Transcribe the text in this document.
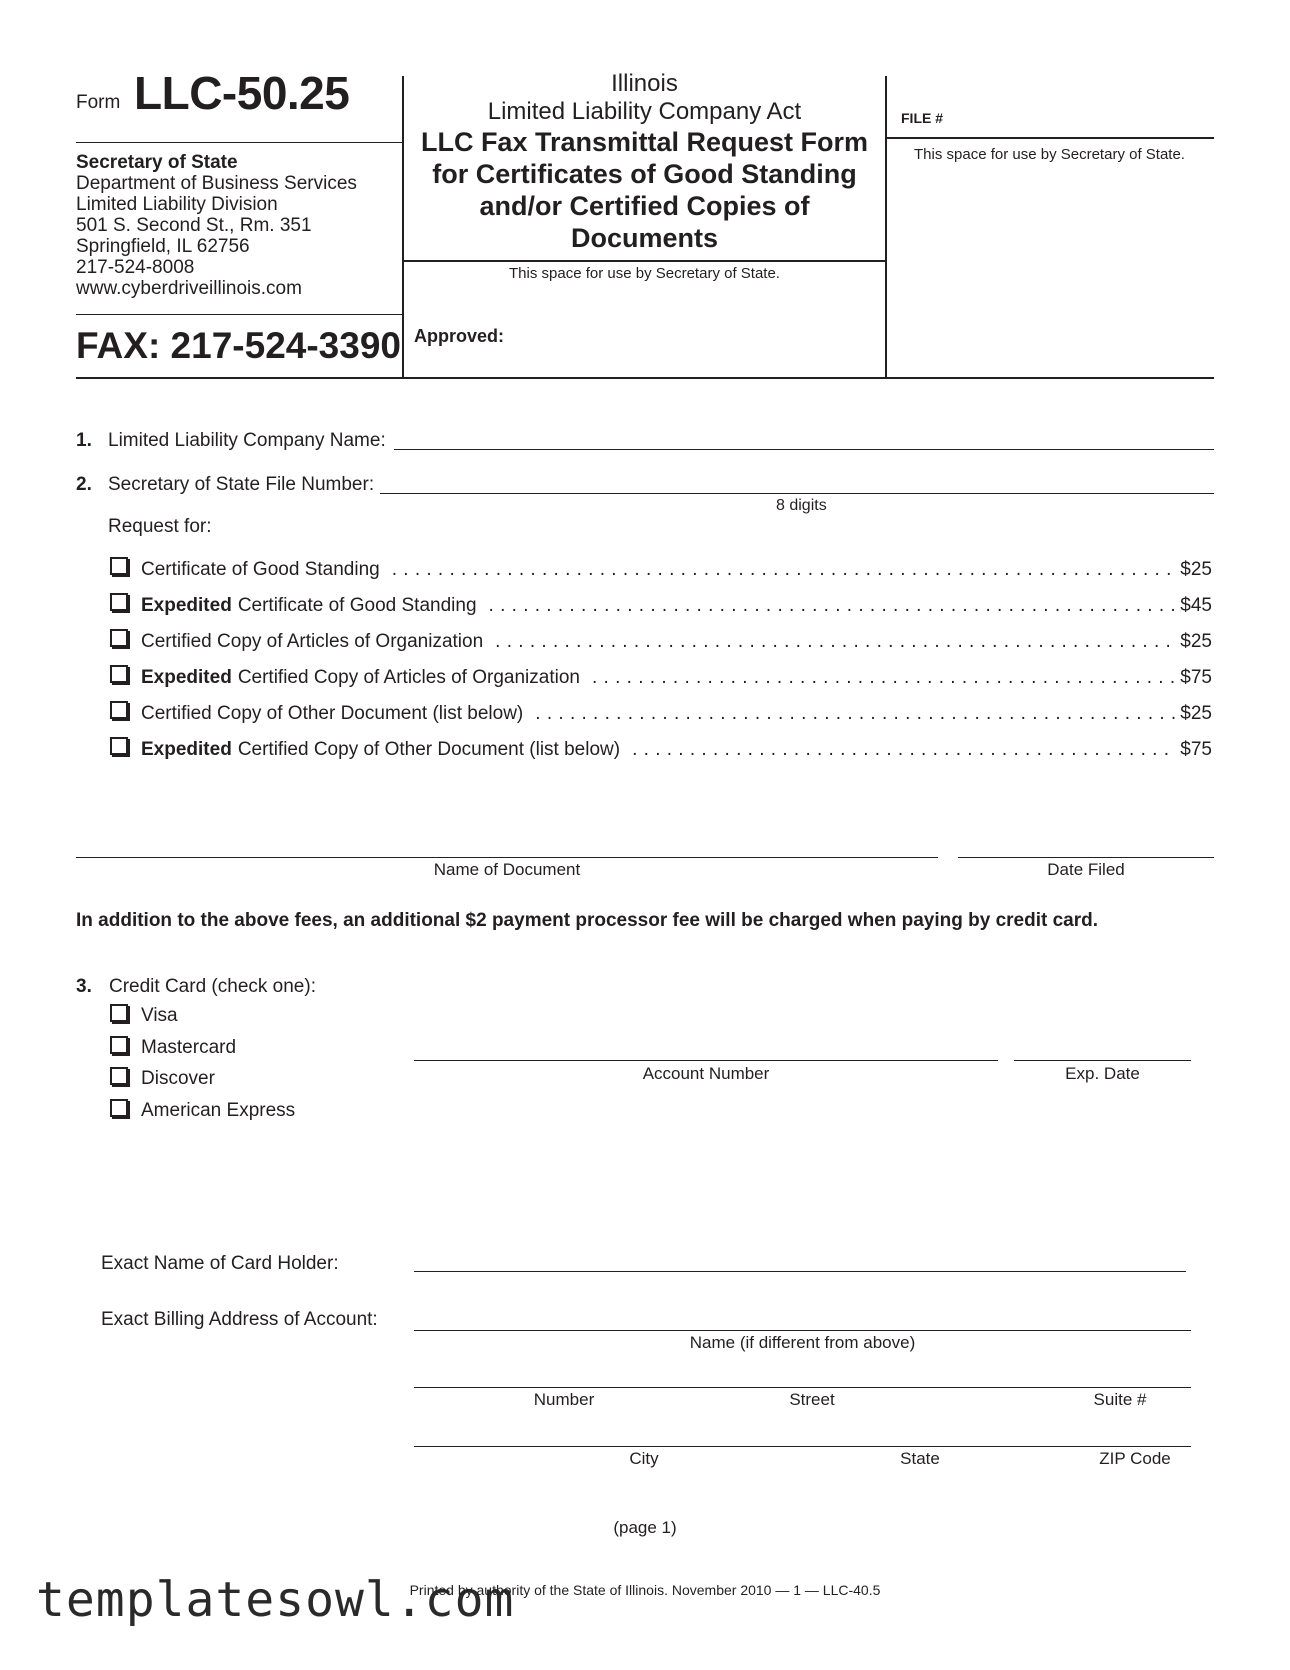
Form LLC-50.25
Secretary of State
Department of Business Services
Limited Liability Division
501 S. Second St., Rm. 351
Springfield, IL 62756
217-524-8008
www.cyberdriveillinois.com
FAX: 217-524-3390
Illinois
Limited Liability Company Act
LLC Fax Transmittal Request Form
for Certificates of Good Standing
and/or Certified Copies of
Documents
This space for use by Secretary of State.
Approved:
FILE #
This space for use by Secretary of State.
1. Limited Liability Company Name:
2. Secretary of State File Number:
8 digits
Request for:
Certificate of Good Standing . . .	$25
Expedited Certificate of Good Standing . . .	$45
Certified Copy of Articles of Organization . . .	$25
Expedited Certified Copy of Articles of Organization . . .	$75
Certified Copy of Other Document (list below) . . .	$25
Expedited Certified Copy of Other Document (list below) . . .	$75
Name of Document	Date Filed
In addition to the above fees, an additional $2 payment processor fee will be charged when paying by credit card.
3. Credit Card (check one):
Visa
Mastercard
Discover
American Express
Account Number	Exp. Date
Exact Name of Card Holder:
Exact Billing Address of Account:
Name (if different from above)
Number	Street	Suite #
City	State	ZIP Code
(page 1)
templatesowl.com
Printed by authority of the State of Illinois. November 2010 — 1 — LLC-40.5
